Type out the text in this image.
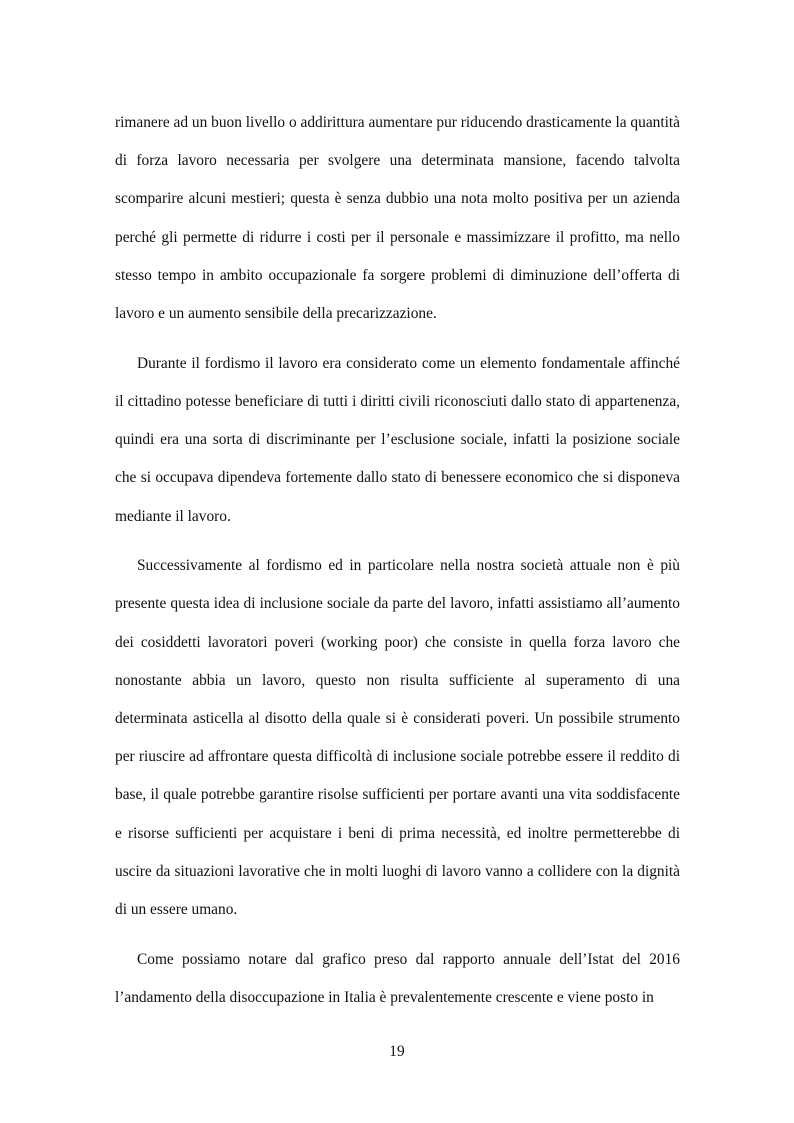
rimanere ad un buon livello o addirittura aumentare pur riducendo drasticamente la quantità di forza lavoro necessaria per svolgere una determinata mansione, facendo talvolta scomparire alcuni mestieri; questa è senza dubbio una nota molto positiva per un azienda perché gli permette di ridurre i costi per il personale e massimizzare il profitto, ma nello stesso tempo in ambito occupazionale fa sorgere problemi di diminuzione dell’offerta di lavoro e un aumento sensibile della precarizzazione.

Durante il fordismo il lavoro era considerato come un elemento fondamentale affinché il cittadino potesse beneficiare di tutti i diritti civili riconosciuti dallo stato di appartenenza, quindi era una sorta di discriminante per l’esclusione sociale, infatti la posizione sociale che si occupava dipendeva fortemente dallo stato di benessere economico che si disponeva mediante il lavoro.

Successivamente al fordismo ed in particolare nella nostra società attuale non è più presente questa idea di inclusione sociale da parte del lavoro, infatti assistiamo all’aumento dei cosiddetti lavoratori poveri (working poor) che consiste in quella forza lavoro che nonostante abbia un lavoro, questo non risulta sufficiente al superamento di una determinata asticella al disotto della quale si è considerati poveri. Un possibile strumento per riuscire ad affrontare questa difficoltà di inclusione sociale potrebbe essere il reddito di base, il quale potrebbe garantire risolse sufficienti per portare avanti una vita soddisfacente e risorse sufficienti per acquistare i beni di prima necessità, ed inoltre permetterebbe di uscire da situazioni lavorative che in molti luoghi di lavoro vanno a collidere con la dignità di un essere umano.

Come possiamo notare dal grafico preso dal rapporto annuale dell’Istat del 2016 l’andamento della disoccupazione in Italia è prevalentemente crescente e viene posto in

19
